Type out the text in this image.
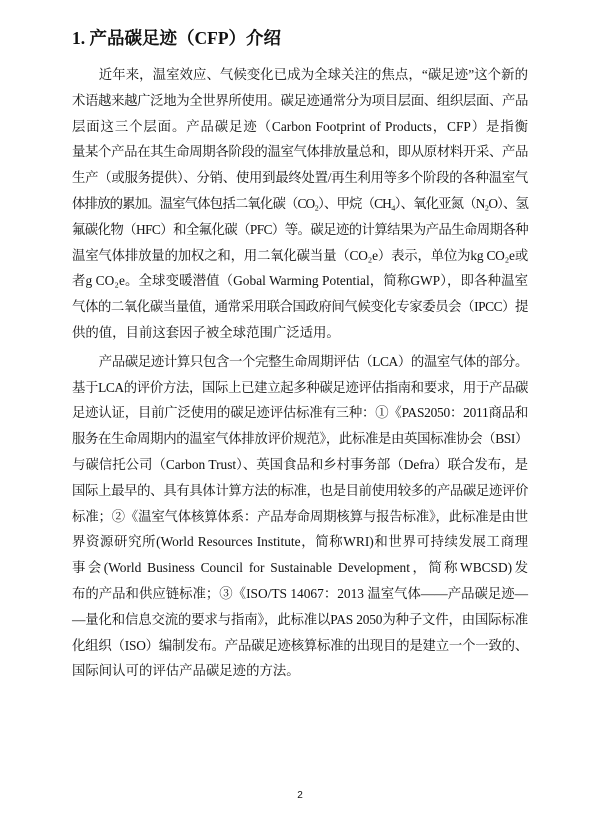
1. 产品碳足迹（CFP）介绍
近年来，温室效应、气候变化已成为全球关注的焦点，“碳足迹”这个新的
术语越来越广泛地为全世界所使用。碳足迹通常分为项目层面、组织层面、产品
层面这三个层面。产品碳足迹（Carbon Footprint of Products，CFP）是指衡
量某个产品在其生命周期各阶段的温室气体排放量总和，即从原材料开采、产品
生产（或服务提供）、分销、使用到最终处置/再生利用等多个阶段的各种温室气
体排放的累加。温室气体包括二氧化碳（CO₂）、甲烷（CH₄）、氧化亚氮（N₂O）、氢
氟碳化物（HFC）和全氟化碳（PFC）等。碳足迹的计算结果为产品生命周期各种
温室气体排放量的加权之和，用二氧化碳当量（CO₂e）表示，单位为kg CO₂e或
者g CO₂e。全球变暖潜值（Gobal Warming Potential，简称GWP），即各种温室
气体的二氧化碳当量值，通常采用联合国政府间气候变化专家委员会（IPCC）提
供的值，目前这套因子被全球范围广泛适用。
产品碳足迹计算只包含一个完整生命周期评估（LCA）的温室气体的部分。
基于LCA的评价方法，国际上已建立起多种碳足迹评估指南和要求，用于产品碳
足迹认证，目前广泛使用的碳足迹评估标准有三种：①《PAS2050：2011商品和
服务在生命周期内的温室气体排放评价规范》，此标准是由英国标准协会（BSI）
与碳信托公司（Carbon Trust）、英国食品和乡村事务部（Defra）联合发布，是
国际上最早的、具有具体计算方法的标准，也是目前使用较多的产品碳足迹评价
标准；②《温室气体核算体系：产品寿命周期核算与报告标准》，此标准是由世
界资源研究所(World Resources Institute，简称WRI)和世界可持续发展工商理
事会(World Business Council for Sustainable Development，简称WBCSD)发
布的产品和供应链标准；③《ISO/TS 14067：2013 温室气体——产品碳足迹—
—量化和信息交流的要求与指南》，此标准以PAS 2050为种子文件，由国际标准
化组织（ISO）编制发布。产品碳足迹核算标准的出现目的是建立一个一致的、
国际间认可的评估产品碳足迹的方法。
2
